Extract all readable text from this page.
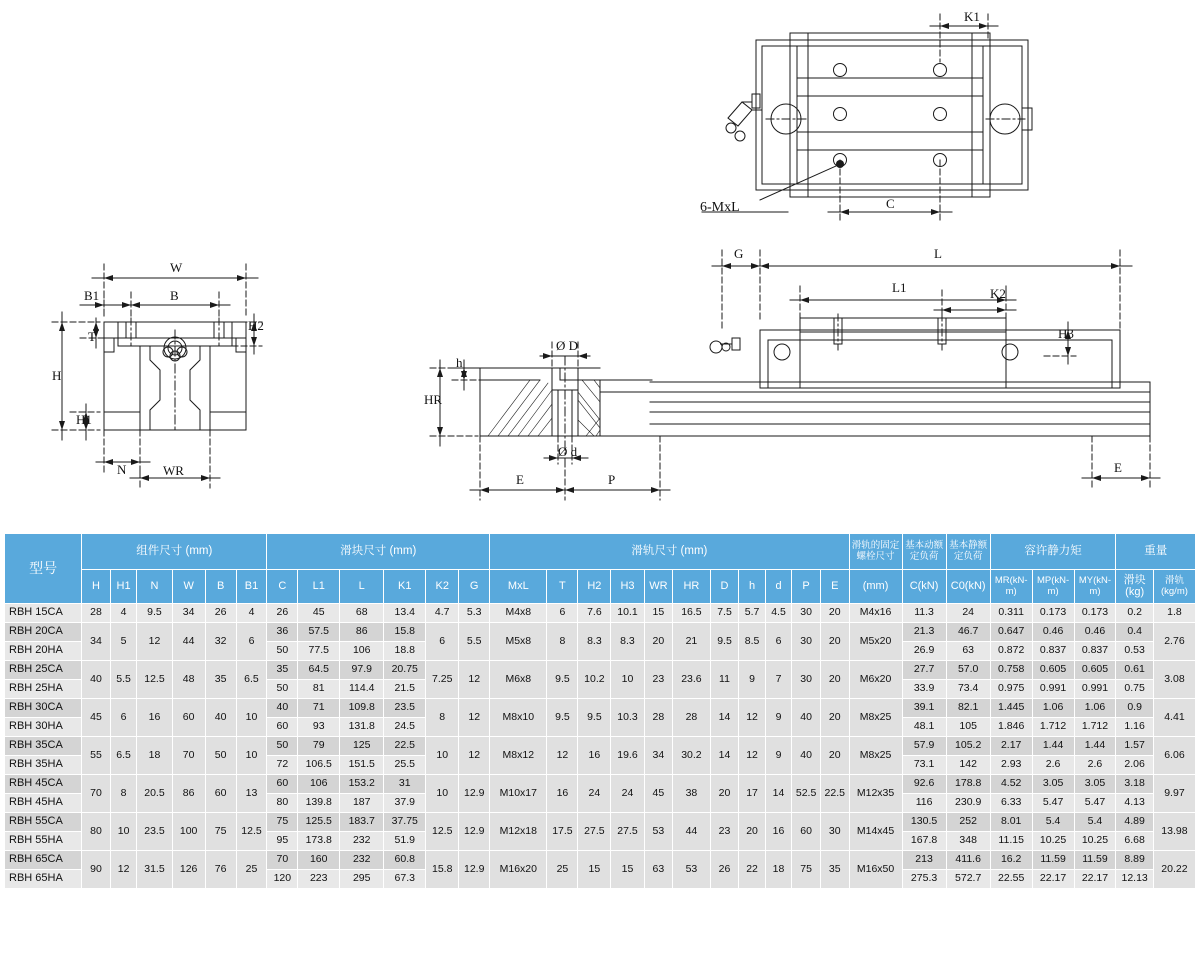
K1
C
6-MxL
W
B1	B
T
H2
H
H1
N	WR
G	L
L1	K2
H3
E
Ø D
h
HR
Ø d
E	P
型号	组件尺寸 (mm)						滑块尺寸 (mm)						滑轨尺寸 (mm)											滑轨的固定螺栓尺寸	基本动额定负荷	基本静额定负荷	容许静力矩			重量	
	H	H1	N	W	B	B1	C	L1	L	K1	K2	G	MxL	T	H2	H3	WR	HR	D	h	d	P	E	(mm)	C(kN)	C0(kN)	MR(kN-m)	MP(kN-m)	MY(kN-m)	滑块(kg)	滑轨(kg/m)
RBH 15CA	28	4	9.5	34	26	4	26	45	68	13.4	4.7	5.3	M4x8	6	7.6	10.1	15	16.5	7.5	5.7	4.5	30	20	M4x16	11.3	24	0.311	0.173	0.173	0.2	1.8
RBH 20CA	34	5	12	44	32	6	36	57.5	86	15.8	6	5.5	M5x8	8	8.3	8.3	20	21	9.5	8.5	6	30	20	M5x20	21.3	46.7	0.647	0.46	0.46	0.4	2.76
RBH 20HA							50	77.5	106	18.8															26.9	63	0.872	0.837	0.837	0.53	
RBH 25CA	40	5.5	12.5	48	35	6.5	35	64.5	97.9	20.75	7.25	12	M6x8	9.5	10.2	10	23	23.6	11	9	7	30	20	M6x20	27.7	57.0	0.758	0.605	0.605	0.61	3.08
RBH 25HA							50	81	114.4	21.5															33.9	73.4	0.975	0.991	0.991	0.75	
RBH 30CA	45	6	16	60	40	10	40	71	109.8	23.5	8	12	M8x10	9.5	9.5	10.3	28	28	14	12	9	40	20	M8x25	39.1	82.1	1.445	1.06	1.06	0.9	4.41
RBH 30HA							60	93	131.8	24.5															48.1	105	1.846	1.712	1.712	1.16	
RBH 35CA	55	6.5	18	70	50	10	50	79	125	22.5	10	12	M8x12	12	16	19.6	34	30.2	14	12	9	40	20	M8x25	57.9	105.2	2.17	1.44	1.44	1.57	6.06
RBH 35HA							72	106.5	151.5	25.5															73.1	142	2.93	2.6	2.6	2.06	
RBH 45CA	70	8	20.5	86	60	13	60	106	153.2	31	10	12.9	M10x17	16	24	24	45	38	20	17	14	52.5	22.5	M12x35	92.6	178.8	4.52	3.05	3.05	3.18	9.97
RBH 45HA							80	139.8	187	37.9															116	230.9	6.33	5.47	5.47	4.13	
RBH 55CA	80	10	23.5	100	75	12.5	75	125.5	183.7	37.75	12.5	12.9	M12x18	17.5	27.5	27.5	53	44	23	20	16	60	30	M14x45	130.5	252	8.01	5.4	5.4	4.89	13.98
RBH 55HA							95	173.8	232	51.9															167.8	348	11.15	10.25	10.25	6.68	
RBH 65CA	90	12	31.5	126	76	25	70	160	232	60.8	15.8	12.9	M16x20	25	15	15	63	53	26	22	18	75	35	M16x50	213	411.6	16.2	11.59	11.59	8.89	20.22
RBH 65HA							120	223	295	67.3															275.3	572.7	22.55	22.17	22.17	12.13	
